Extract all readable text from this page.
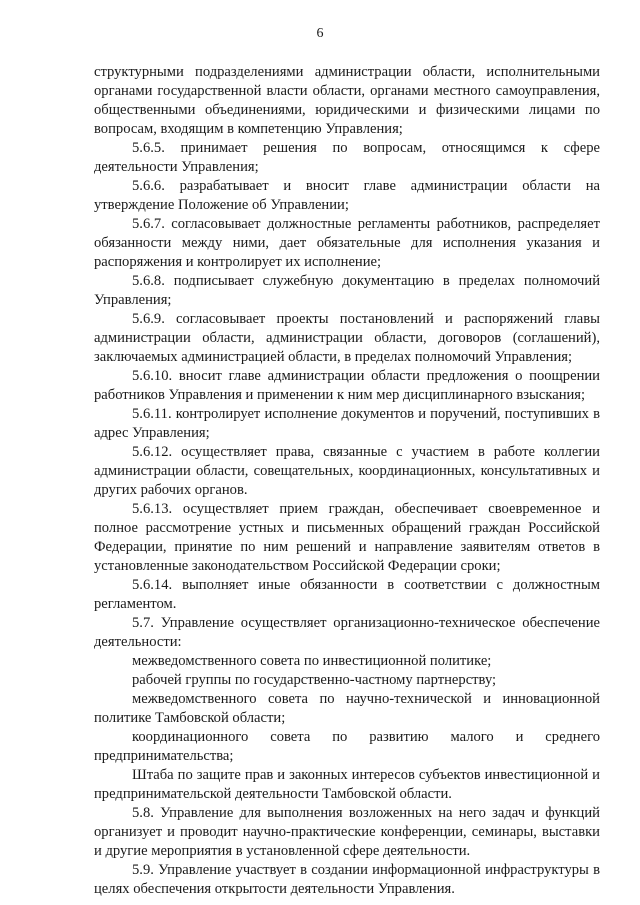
6

структурными подразделениями администрации области, исполнительными органами государственной власти области, органами местного самоуправления, общественными объединениями, юридическими и физическими лицами по вопросам, входящим в компетенцию Управления;

5.6.5. принимает решения по вопросам, относящимся к сфере деятельности Управления;

5.6.6. разрабатывает и вносит главе администрации области на утверждение Положение об Управлении;

5.6.7. согласовывает должностные регламенты работников, распределяет обязанности между ними, дает обязательные для исполнения указания и распоряжения и контролирует их исполнение;

5.6.8. подписывает служебную документацию в пределах полномочий Управления;

5.6.9. согласовывает проекты постановлений и распоряжений главы администрации области, администрации области, договоров (соглашений), заключаемых администрацией области, в пределах полномочий Управления;

5.6.10. вносит главе администрации области предложения о поощрении работников Управления и применении к ним мер дисциплинарного взыскания;

5.6.11. контролирует исполнение документов и поручений, поступивших в адрес Управления;

5.6.12. осуществляет права, связанные с участием в работе коллегии администрации области, совещательных, координационных, консультативных и других рабочих органов.

5.6.13. осуществляет прием граждан, обеспечивает своевременное и полное рассмотрение устных и письменных обращений граждан Российской Федерации, принятие по ним решений и направление заявителям ответов в установленные законодательством Российской Федерации сроки;

5.6.14. выполняет иные обязанности в соответствии с должностным регламентом.

5.7. Управление осуществляет организационно-техническое обеспечение деятельности:

межведомственного совета по инвестиционной политике;

рабочей группы по государственно-частному партнерству;

межведомственного совета по научно-технической и инновационной политике Тамбовской области;

координационного совета по развитию малого и среднего предпринимательства;

Штаба по защите прав и законных интересов субъектов инвестиционной и предпринимательской деятельности Тамбовской области.

5.8. Управление для выполнения возложенных на него задач и функций организует и проводит научно-практические конференции, семинары, выставки и другие мероприятия в установленной сфере деятельности.

5.9. Управление участвует в создании информационной инфраструктуры в целях обеспечения открытости деятельности Управления.
